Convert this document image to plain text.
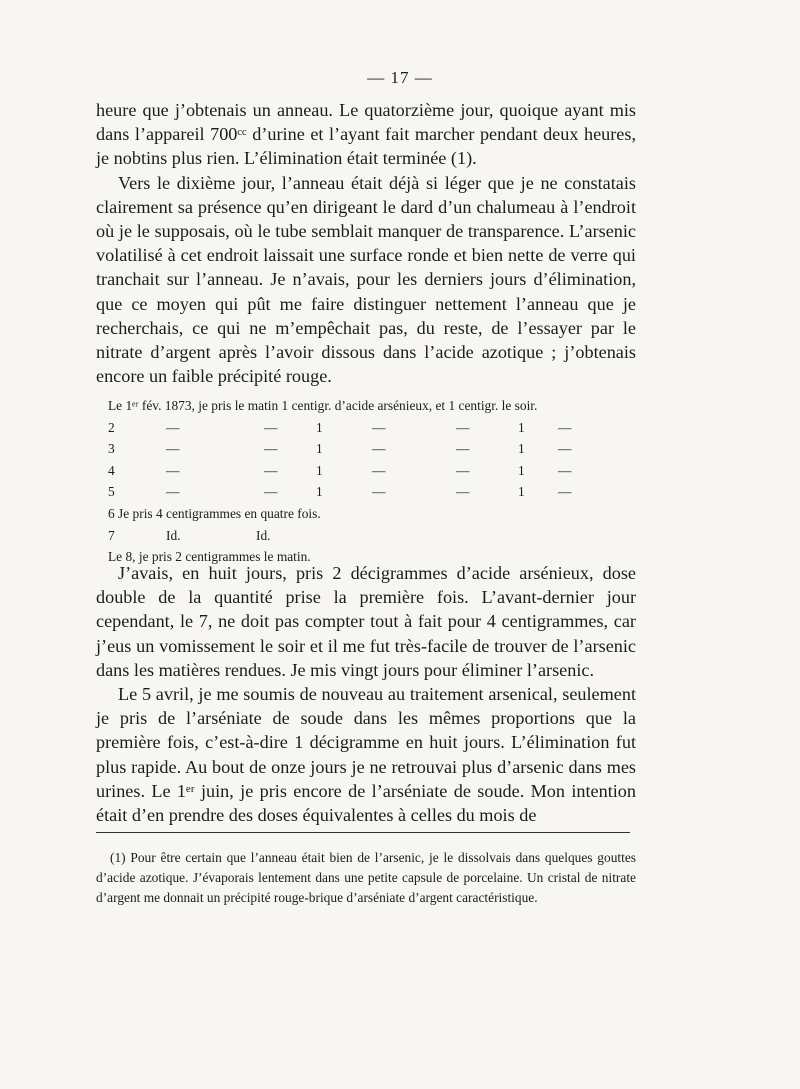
— 17 —

heure que j’obtenais un anneau. Le quatorzième jour, quoique ayant mis dans l’appareil 700ᶜᶜ d’urine et l’ayant fait marcher pendant deux heures, je nobtins plus rien. L’élimination était terminée (1).

Vers le dixième jour, l’anneau était déjà si léger que je ne constatais clairement sa présence qu’en dirigeant le dard d’un chalumeau à l’endroit où je le supposais, où le tube semblait manquer de transparence. L’arsenic volatilisé à cet endroit laissait une surface ronde et bien nette de verre qui tranchait sur l’anneau. Je n’avais, pour les derniers jours d’élimination, que ce moyen qui pût me faire distinguer nettement l’anneau que je recherchais, ce qui ne m’empêchait pas, du reste, de l’essayer par le nitrate d’argent après l’avoir dissous dans l’acide azotique ; j’obtenais encore un faible précipité rouge.

Le 1ᵉʳ fév. 1873, je pris le matin 1 centigr. d’acide arsénieux, et 1 centigr. le soir.
2	—	—	1	—	—	1	—
3	—	—	1	—	—	1	—
4	—	—	1	—	—	1	—
5	—	—	1	—	—	1	—
6 Je pris 4 centigrammes en quatre fois.
7	Id.	Id.
Le 8, je pris 2 centigrammes le matin.

J’avais, en huit jours, pris 2 décigrammes d’acide arsénieux, dose double de la quantité prise la première fois. L’avant-dernier jour cependant, le 7, ne doit pas compter tout à fait pour 4 centigrammes, car j’eus un vomissement le soir et il me fut très-facile de trouver de l’arsenic dans les matières rendues. Je mis vingt jours pour éliminer l’arsenic.

Le 5 avril, je me soumis de nouveau au traitement arsenical, seulement je pris de l’arséniate de soude dans les mêmes proportions que la première fois, c’est-à-dire 1 décigramme en huit jours. L’élimination fut plus rapide. Au bout de onze jours je ne retrouvai plus d’arsenic dans mes urines. Le 1ᵉʳ juin, je pris encore de l’arséniate de soude. Mon intention était d’en prendre des doses équivalentes à celles du mois de

(1) Pour être certain que l’anneau était bien de l’arsenic, je le dissolvais dans quelques gouttes d’acide azotique. J’évaporais lentement dans une petite capsule de porcelaine. Un cristal de nitrate d’argent me donnait un précipité rouge-brique d’arséniate d’argent caractéristique.
